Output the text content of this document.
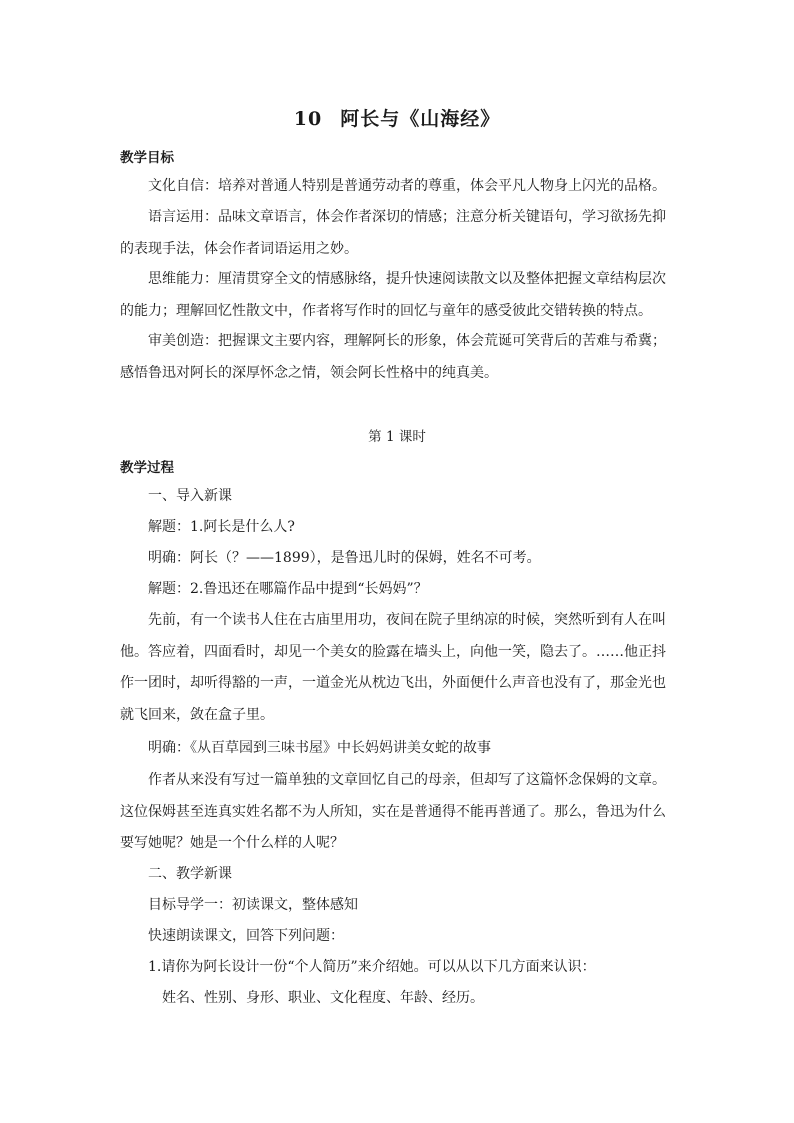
10 阿长与《山海经》
教学目标
文化自信：培养对普通人特别是普通劳动者的尊重，体会平凡人物身上闪光的品格。
语言运用：品味文章语言，体会作者深切的情感；注意分析关键语句，学习欲扬先抑的表现手法，体会作者词语运用之妙。
思维能力：厘清贯穿全文的情感脉络，提升快速阅读散文以及整体把握文章结构层次的能力；理解回忆性散文中，作者将写作时的回忆与童年的感受彼此交错转换的特点。
审美创造：把握课文主要内容，理解阿长的形象，体会荒诞可笑背后的苦难与希冀；感悟鲁迅对阿长的深厚怀念之情，领会阿长性格中的纯真美。
第 1 课时
教学过程
一、导入新课
解题：1.阿长是什么人?
明确：阿长（？——1899），是鲁迅儿时的保姆，姓名不可考。
解题：2.鲁迅还在哪篇作品中提到“长妈妈”？
先前，有一个读书人住在古庙里用功，夜间在院子里纳凉的时候，突然听到有人在叫他。答应着，四面看时，却见一个美女的脸露在墙头上，向他一笑，隐去了。……他正抖作一团时，却听得豁的一声，一道金光从枕边飞出，外面便什么声音也没有了，那金光也就飞回来，敛在盒子里。
明确：《从百草园到三味书屋》中长妈妈讲美女蛇的故事
作者从来没有写过一篇单独的文章回忆自己的母亲，但却写了这篇怀念保姆的文章。这位保姆甚至连真实姓名都不为人所知，实在是普通得不能再普通了。那么，鲁迅为什么要写她呢？她是一个什么样的人呢？
二、教学新课
目标导学一：初读课文，整体感知
快速朗读课文，回答下列问题：
1.请你为阿长设计一份“个人简历”来介绍她。可以从以下几方面来认识：
姓名、性别、身形、职业、文化程度、年龄、经历。
